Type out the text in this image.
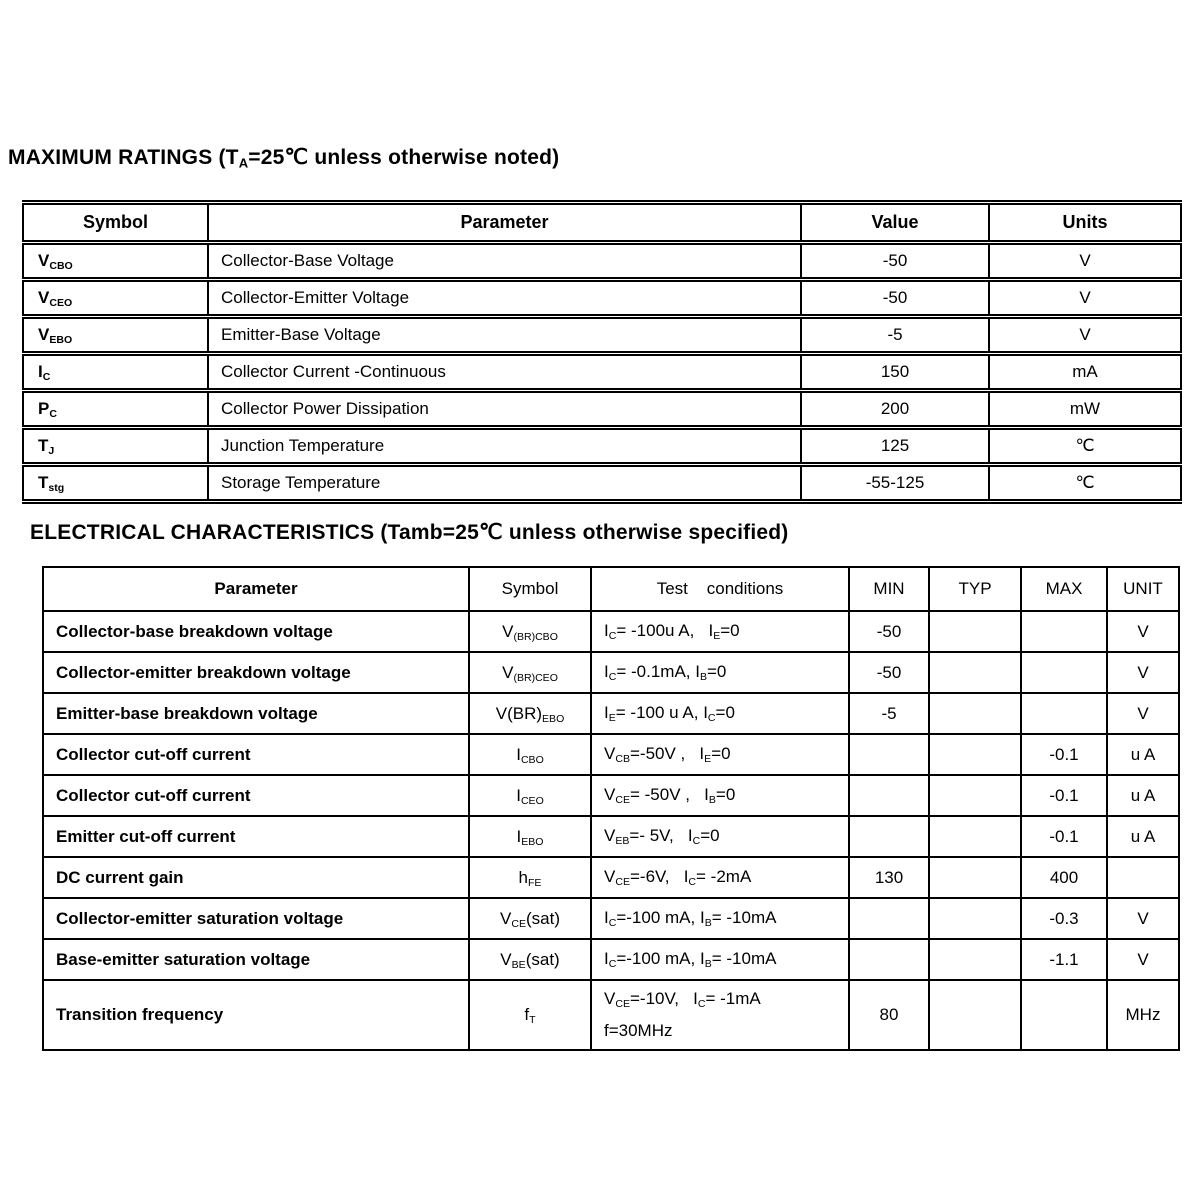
MAXIMUM RATINGS ($T_A=25℃$ unless otherwise noted)
Symbol	Parameter	Value	Units
$V_{CBO}$	Collector-Base Voltage	-50	V
$V_{CEO}$	Collector-Emitter Voltage	-50	V
$V_{EBO}$	Emitter-Base Voltage	-5	V
$I_C$	Collector Current -Continuous	150	mA
$P_C$	Collector Power Dissipation	200	mW
$T_J$	Junction Temperature	125	℃
$T_{stg}$	Storage Temperature	-55-125	℃
ELECTRICAL CHARACTERISTICS (Tamb=25℃ unless otherwise specified)
Parameter	Symbol	Test    conditions	MIN	TYP	MAX	UNIT
Collector-base breakdown voltage	$V_{(BR)CBO}$	$I_C= -100u$ A,   $I_E=0$	-50			V
Collector-emitter breakdown voltage	$V_{(BR)CEO}$	$I_C= -0.1mA$, $I_B=0$	-50			V
Emitter-base breakdown voltage	$V(BR)_{EBO}$	$I_E= -100$ u A, $I_C=0$	-5			V
Collector cut-off current	$I_{CBO}$	$V_{CB}=-50V$ ,   $I_E=0$			-0.1	u A
Collector cut-off current	$I_{CEO}$	$V_{CE}= -50V$ ,   $I_B=0$			-0.1	u A
Emitter cut-off current	$I_{EBO}$	$V_{EB}=-$ 5V,   $I_C=0$			-0.1	u A
DC current gain	$h_{FE}$	$V_{CE}=-6V$,   $I_C= -2mA$	130		400	
Collector-emitter saturation voltage	$V_{CE}(sat)$	$I_C=-100$ mA, $I_B= -10mA$			-0.3	V
Base-emitter saturation voltage	$V_{BE}(sat)$	$I_C=-100$ mA, $I_B= -10mA$			-1.1	V
Transition frequency	$f_T$	$V_{CE}=-10V$,   $I_C= -1mA$
f=30MHz	80			MHz
